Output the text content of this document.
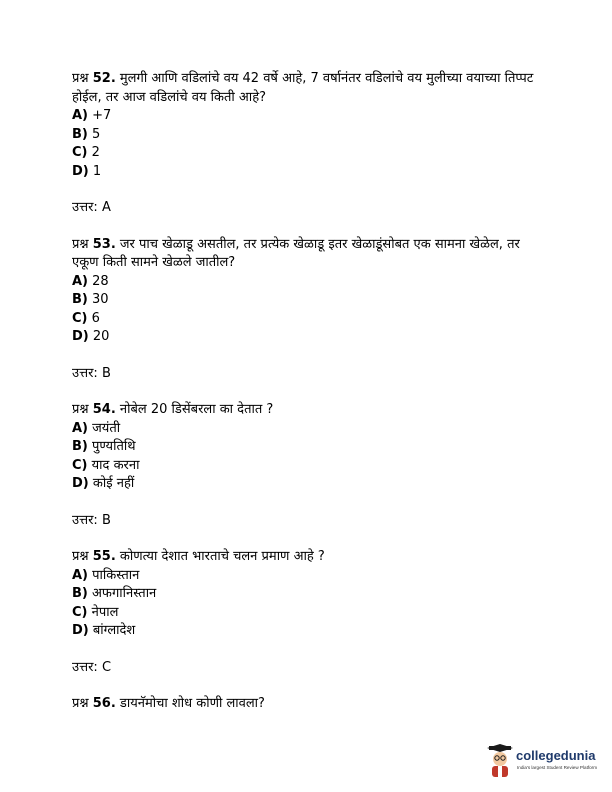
प्रश्न 52. मुलगी आणि वडिलांचे वय 42 वर्षे आहे, 7 वर्षानंतर वडिलांचे वय मुलीच्या वयाच्या तिप्पट होईल, तर आज वडिलांचे वय किती आहे?

A) +7

B) 5

C) 2

D) 1

उत्तर: A

प्रश्न 53. जर पाच खेळाडू असतील, तर प्रत्येक खेळाडू इतर खेळाडूंसोबत एक सामना खेळेल, तर एकूण किती सामने खेळले जातील?

A) 28

B) 30

C) 6

D) 20

उत्तर: B

प्रश्न 54. नोबेल 20 डिसेंबरला का देतात ?

A) जयंती

B) पुण्यतिथि

C) याद करना

D) कोई नहीं

उत्तर: B

प्रश्न 55. कोणत्या देशात भारताचे चलन प्रमाण आहे ?

A) पाकिस्तान

B) अफगानिस्तान

C) नेपाल

D) बांग्लादेश

उत्तर: C

प्रश्न 56. डायनॅमोचा शोध कोणी लावला?

collegedunia
India's largest Student Review Platform
